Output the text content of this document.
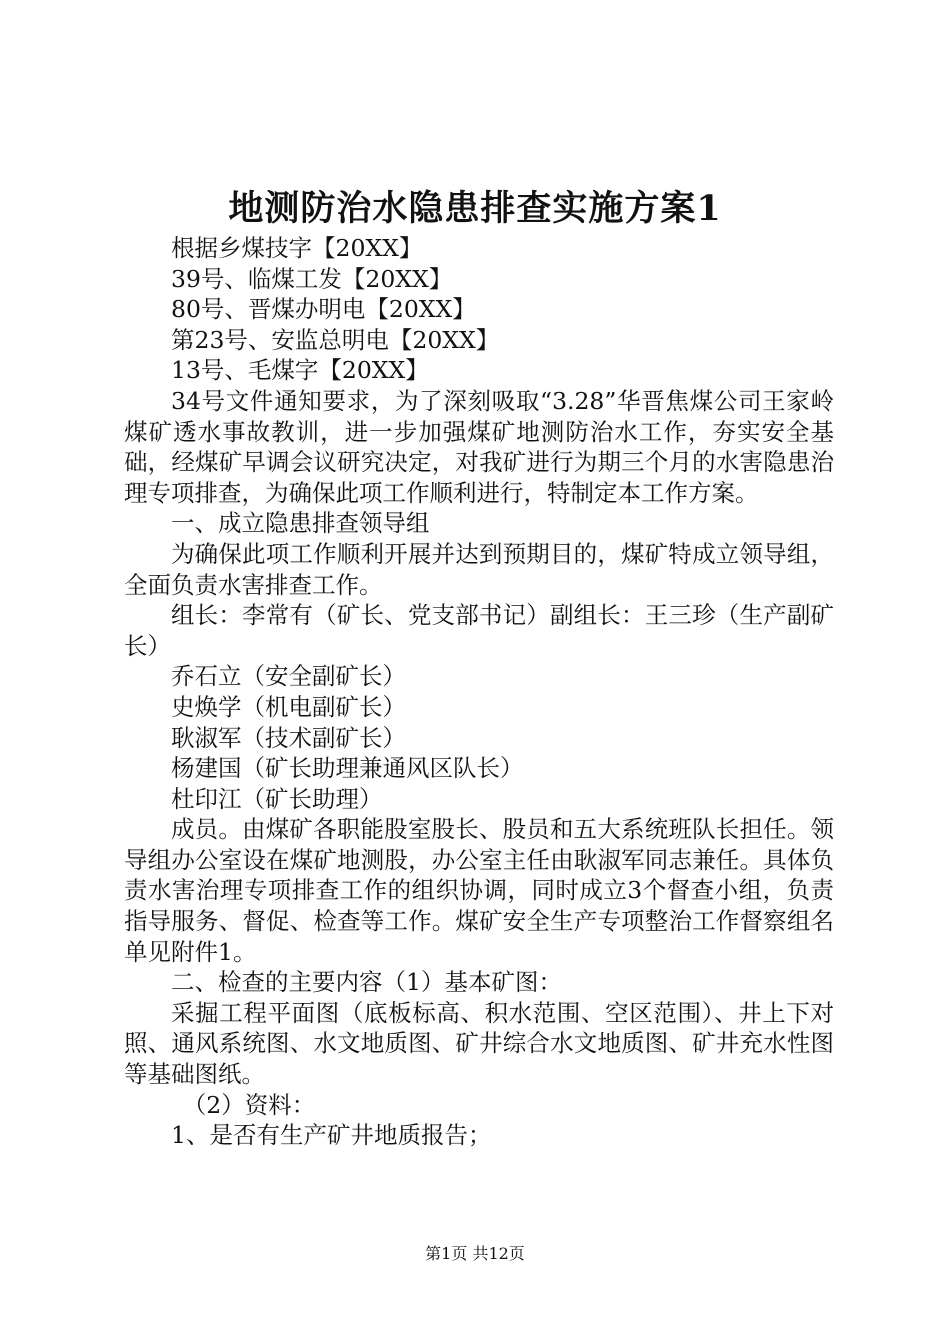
地测防治水隐患排查实施方案1

根据乡煤技字【20XX】

39号、临煤工发【20XX】

80号、晋煤办明电【20XX】

第23号、安监总明电【20XX】

13号、毛煤字【20XX】

34号文件通知要求，为了深刻吸取“3.28”华晋焦煤公司王家岭煤矿透水事故教训，进一步加强煤矿地测防治水工作，夯实安全基础，经煤矿早调会议研究决定，对我矿进行为期三个月的水害隐患治理专项排查，为确保此项工作顺利进行，特制定本工作方案。

一、成立隐患排查领导组

为确保此项工作顺利开展并达到预期目的，煤矿特成立领导组，全面负责水害排查工作。

组长：李常有（矿长、党支部书记）副组长：王三珍（生产副矿长）

乔石立（安全副矿长）

史焕学（机电副矿长）

耿淑军（技术副矿长）

杨建国（矿长助理兼通风区队长）

杜印江（矿长助理）

成员。由煤矿各职能股室股长、股员和五大系统班队长担任。领导组办公室设在煤矿地测股，办公室主任由耿淑军同志兼任。具体负责水害治理专项排查工作的组织协调，同时成立3个督查小组，负责指导服务、督促、检查等工作。煤矿安全生产专项整治工作督察组名单见附件1。

二、检查的主要内容（1）基本矿图：

采掘工程平面图（底板标高、积水范围、空区范围）、井上下对照、通风系统图、水文地质图、矿井综合水文地质图、矿井充水性图等基础图纸。

（2）资料：

1、是否有生产矿井地质报告；

第1页 共12页
